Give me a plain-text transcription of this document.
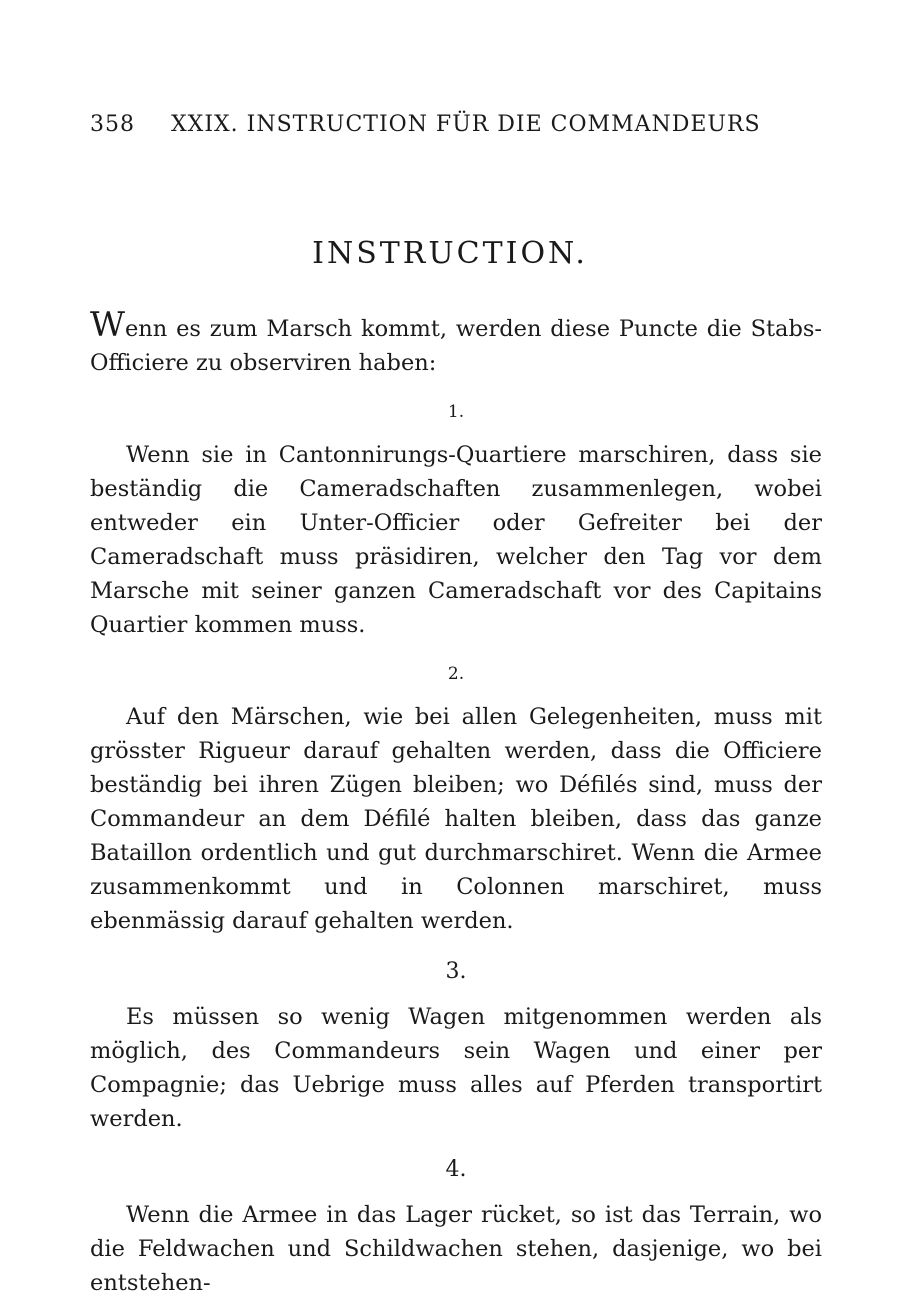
358 XXIX. INSTRUCTION FÜR DIE COMMANDEURS
INSTRUCTION.

Wenn es zum Marsch kommt, werden diese Puncte die Stabs-Officiere zu observiren haben:

1.

Wenn sie in Cantonnirungs-Quartiere marschiren, dass sie beständig die Cameradschaften zusammenlegen, wobei entweder ein Unter-Officier oder Gefreiter bei der Cameradschaft muss präsidiren, welcher den Tag vor dem Marsche mit seiner ganzen Cameradschaft vor des Capitains Quartier kommen muss.

2.

Auf den Märschen, wie bei allen Gelegenheiten, muss mit grösster Rigueur darauf gehalten werden, dass die Officiere beständig bei ihren Zügen bleiben; wo Défilés sind, muss der Commandeur an dem Défilé halten bleiben, dass das ganze Bataillon ordentlich und gut durchmarschiret. Wenn die Armee zusammenkommt und in Colonnen marschiret, muss ebenmässig darauf gehalten werden.

3.

Es müssen so wenig Wagen mitgenommen werden als möglich, des Commandeurs sein Wagen und einer per Compagnie; das Uebrige muss alles auf Pferden transportirt werden.

4.

Wenn die Armee in das Lager rücket, so ist das Terrain, wo die Feldwachen und Schildwachen stehen, dasjenige, wo bei entstehen-
